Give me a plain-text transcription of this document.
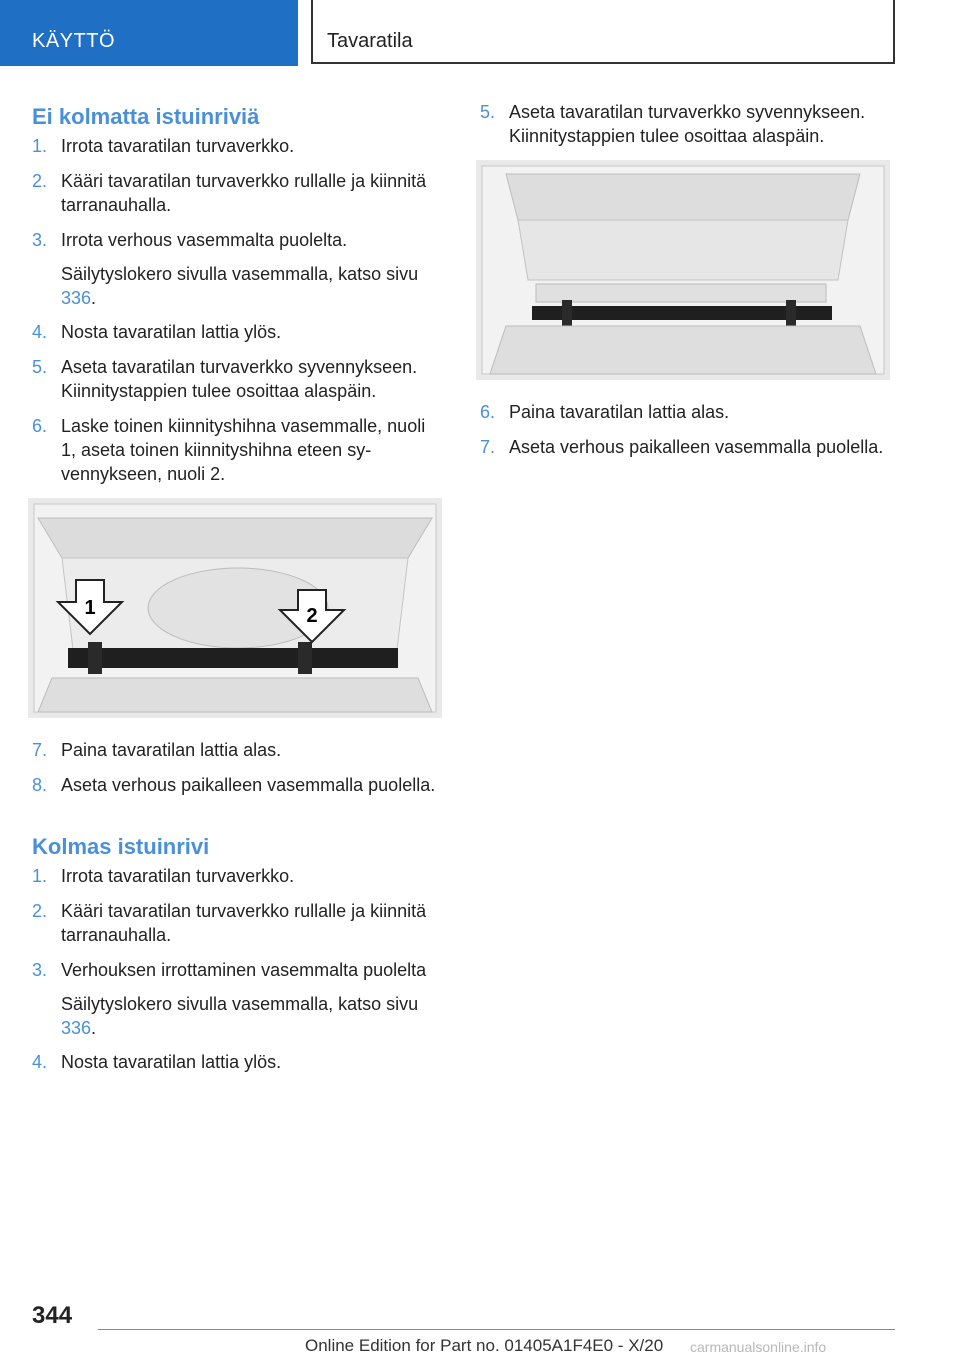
KÄYTTÖ	Tavaratila
Ei kolmatta istuinriviä
1. Irrota tavaratilan turvaverkko.
2. Kääri tavaratilan turvaverkko rullalle ja kiinnitä tarranauhalla.
3. Irrota verhous vasemmalta puolelta.
Säilytyslokero sivulla vasemmalla, katso sivu 336.
4. Nosta tavaratilan lattia ylös.
5. Aseta tavaratilan turvaverkko syvennykseen. Kiinnitystappien tulee osoittaa alaspäin.
6. Laske toinen kiinnityshihna vasemmalle, nuoli 1, aseta toinen kiinnityshihna eteen syvennykseen, nuoli 2.
1	2
7. Paina tavaratilan lattia alas.
8. Aseta verhous paikalleen vasemmalla puolella.
Kolmas istuinrivi
1. Irrota tavaratilan turvaverkko.
2. Kääri tavaratilan turvaverkko rullalle ja kiinnitä tarranauhalla.
3. Verhouksen irrottaminen vasemmalta puolelta
Säilytyslokero sivulla vasemmalla, katso sivu 336.
4. Nosta tavaratilan lattia ylös.
5. Aseta tavaratilan turvaverkko syvennykseen. Kiinnitystappien tulee osoittaa alaspäin.
6. Paina tavaratilan lattia alas.
7. Aseta verhous paikalleen vasemmalla puolella.
344
Online Edition for Part no. 01405A1F4E0 - X/20 carmanualsonline.info
